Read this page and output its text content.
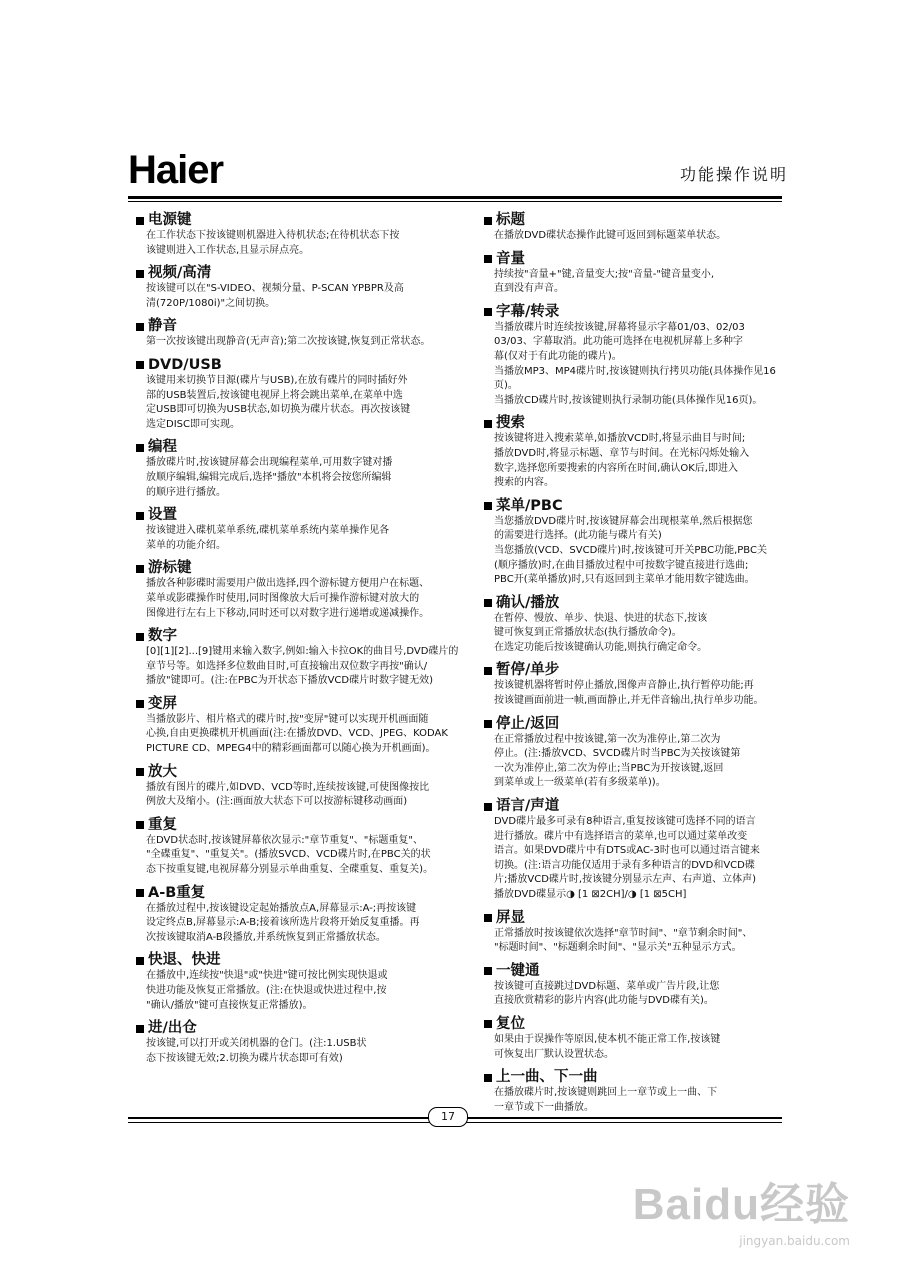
Haier	功能操作说明
电源键
在工作状态下按该键则机器进入待机状态;在待机状态下按
该键则进入工作状态,且显示屏点亮。
视频/高清
按该键可以在"S-VIDEO、视频分量、P-SCAN YPBPR及高
清(720P/1080i)"之间切换。
静音
第一次按该键出现静音(无声音);第二次按该键,恢复到正常状态。
DVD/USB
该键用来切换节目源(碟片与USB),在放有碟片的同时插好外
部的USB装置后,按该键电视屏上将会跳出菜单,在菜单中选
定USB即可切换为USB状态,如切换为碟片状态。再次按该键
选定DISC即可实现。
编程
播放碟片时,按该键屏幕会出现编程菜单,可用数字键对播
放顺序编辑,编辑完成后,选择"播放"本机将会按您所编辑
的顺序进行播放。
设置
按该键进入碟机菜单系统,碟机菜单系统内菜单操作见各
菜单的功能介绍。
游标键
播放各种影碟时需要用户做出选择,四个游标键方便用户在标题、
菜单或影碟操作时使用,同时图像放大后可操作游标键对放大的
图像进行左右上下移动,同时还可以对数字进行递增或递减操作。
数字
[0][1][2]...[9]键用来输入数字,例如:输入卡拉OK的曲目号,DVD碟片的
章节号等。如选择多位数曲目时,可直接输出双位数字再按"确认/
播放"键即可。(注:在PBC为开状态下播放VCD碟片时数字键无效)
变屏
当播放影片、相片格式的碟片时,按"变屏"键可以实现开机画面随
心换,自由更换碟机开机画面(注:在播放DVD、VCD、JPEG、KODAK
PICTURE CD、MPEG4中的精彩画面都可以随心换为开机画面)。
放大
播放有图片的碟片,如DVD、VCD等时,连续按该键,可使图像按比
例放大及缩小。(注:画面放大状态下可以按游标键移动画面)
重复
在DVD状态时,按该键屏幕依次显示:"章节重复"、"标题重复"、
"全碟重复"、"重复关"。(播放SVCD、VCD碟片时,在PBC关的状
态下按重复键,电视屏幕分别显示单曲重复、全碟重复、重复关)。
A-B重复
在播放过程中,按该键设定起始播放点A,屏幕显示:A-;再按该键
设定终点B,屏幕显示:A-B;接着该所选片段将开始反复重播。再
次按该键取消A-B段播放,并系统恢复到正常播放状态。
快退、快进
在播放中,连续按"快退"或"快进"键可按比例实现快退或
快进功能及恢复正常播放。(注:在快退或快进过程中,按
"确认/播放"键可直接恢复正常播放)。
进/出仓
按该键,可以打开或关闭机器的仓门。(注:1.USB状
态下按该键无效;2.切换为碟片状态即可有效)
标题
在播放DVD碟状态操作此键可返回到标题菜单状态。
音量
持续按"音量+"键,音量变大;按"音量-"键音量变小,
直到没有声音。
字幕/转录
当播放碟片时连续按该键,屏幕将显示字幕01/03、02/03
03/03、字幕取消。此功能可选择在电视机屏幕上多种字
幕(仅对于有此功能的碟片)。
当播放MP3、MP4碟片时,按该键则执行拷贝功能(具体操作见16页)。
当播放CD碟片时,按该键则执行录制功能(具体操作见16页)。
搜索
按该键将进入搜索菜单,如播放VCD时,将显示曲目与时间;
播放DVD时,将显示标题、章节与时间。在光标闪烁处输入
数字,选择您所要搜索的内容所在时间,确认OK后,即进入
搜索的内容。
菜单/PBC
当您播放DVD碟片时,按该键屏幕会出现根菜单,然后根据您
的需要进行选择。(此功能与碟片有关)
当您播放(VCD、SVCD碟片)时,按该键可开关PBC功能,PBC关
(顺序播放)时,在曲目播放过程中可按数字键直接进行选曲;
PBC开(菜单播放)时,只有返回到主菜单才能用数字键选曲。
确认/播放
在暂停、慢放、单步、快退、快进的状态下,按该
键可恢复到正常播放状态(执行播放命令)。
在选定功能后按该键确认功能,则执行确定命令。
暂停/单步
按该键机器将暂时停止播放,图像声音静止,执行暂停功能;再
按该键画面前进一帧,画面静止,并无伴音输出,执行单步功能。
停止/返回
在正常播放过程中按该键,第一次为准停止,第二次为
停止。(注:播放VCD、SVCD碟片时当PBC为关按该键第
一次为准停止,第二次为停止;当PBC为开按该键,返回
到菜单或上一级菜单(若有多级菜单))。
语言/声道
DVD碟片最多可录有8种语言,重复按该键可选择不同的语言
进行播放。碟片中有选择语言的菜单,也可以通过菜单改变
语言。如果DVD碟片中有DTS或AC-3时也可以通过语言键来
切换。(注:语言功能仅适用于录有多种语言的DVD和VCD碟
片;播放VCD碟片时,按该键分别显示左声、右声道、立体声)
播放DVD碟显示◑ [1 ⊠2CH]/◑ [1 ⊠5CH]
屏显
正常播放时按该键依次选择"章节时间"、"章节剩余时间"、
"标题时间"、"标题剩余时间"、"显示关"五种显示方式。
一键通
按该键可直接跳过DVD标题、菜单或广告片段,让您
直接欣赏精彩的影片内容(此功能与DVD碟有关)。
复位
如果由于误操作等原因,使本机不能正常工作,按该键
可恢复出厂默认设置状态。
上一曲、下一曲
在播放碟片时,按该键则跳回上一章节或上一曲、下
一章节或下一曲播放。
17
Baidu经验
jingyan.baidu.com
